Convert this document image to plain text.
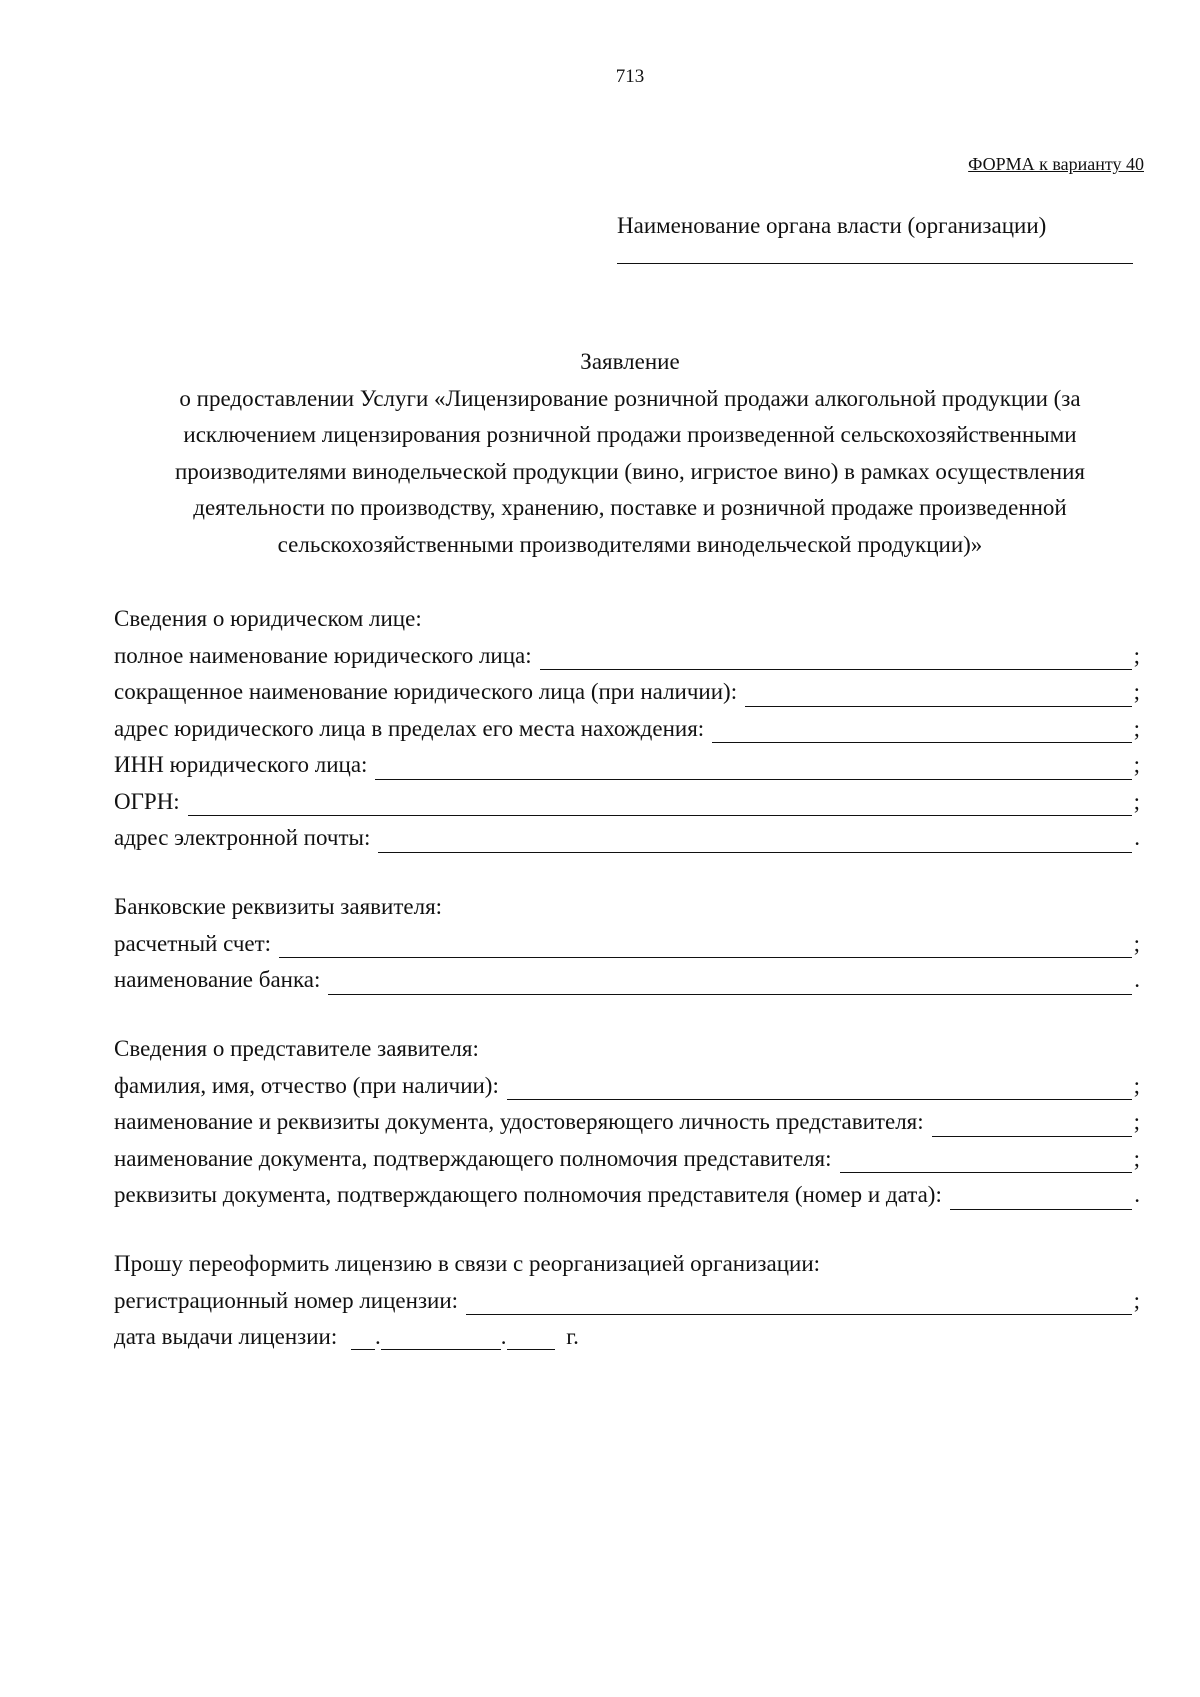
713
ФОРМА к варианту 40
Наименование органа власти (организации)
Заявление
о предоставлении Услуги «Лицензирование розничной продажи алкогольной продукции (за
исключением лицензирования розничной продажи произведенной сельскохозяйственными
производителями винодельческой продукции (вино, игристое вино) в рамках осуществления
деятельности по производству, хранению, поставке и розничной продаже произведенной
сельскохозяйственными производителями винодельческой продукции)»
Сведения о юридическом лице:
полное наименование юридического лица:	;
сокращенное наименование юридического лица (при наличии):	;
адрес юридического лица в пределах его места нахождения:	;
ИНН юридического лица:	;
ОГРН:	;
адрес электронной почты:	.
Банковские реквизиты заявителя:
расчетный счет:	;
наименование банка:	.
Сведения о представителе заявителя:
фамилия, имя, отчество (при наличии):	;
наименование и реквизиты документа, удостоверяющего личность представителя:	;
наименование документа, подтверждающего полномочия представителя:	;
реквизиты документа, подтверждающего полномочия представителя (номер и дата):	.
Прошу переоформить лицензию в связи с реорганизацией организации:
регистрационный номер лицензии:	;
дата выдачи лицензии: .	.	г.
